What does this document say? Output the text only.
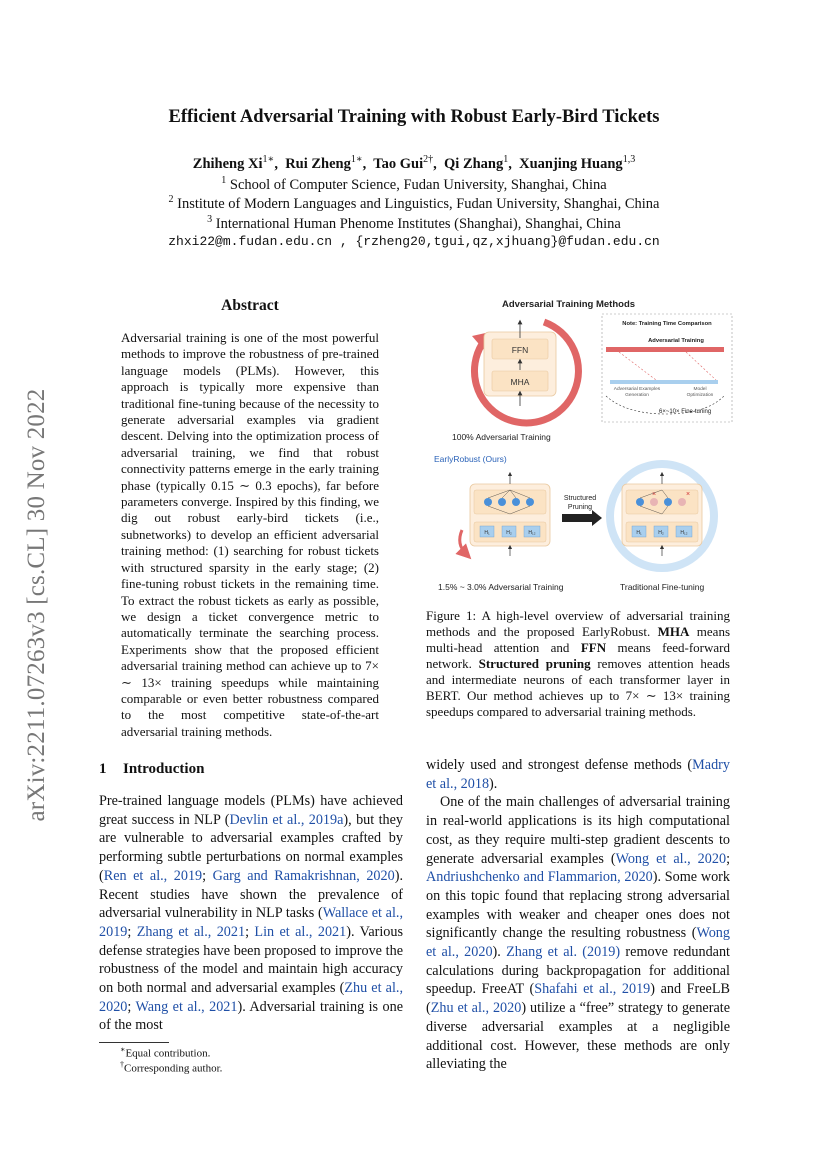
arXiv:2211.07263v3 [cs.CL] 30 Nov 2022
Efficient Adversarial Training with Robust Early-Bird Tickets
Zhiheng $Xi^{1∗}$,  Rui Zheng$^{1∗}$,  Tao Gui$^{2\dagger}$,  Qi Zhang$^1$,  Xuanjing Huang$^{1,3}$
$^1$ School of Computer Science, Fudan University, Shanghai, China
$^2$ Institute of Modern Languages and Linguistics, Fudan University, Shanghai, China
$^3$ International Human Phenome Institutes (Shanghai), Shanghai, China
zhxi22@m.fudan.edu.cn , {rzheng20,tgui,qz,xjhuang}@fudan.edu.cn
Abstract
Adversarial training is one of the most powerful methods to improve the robustness of pre-trained language models (PLMs). However, this approach is typically more expensive than traditional fine-tuning because of the necessity to generate adversarial examples via gradient descent. Delving into the optimization process of adversarial training, we find that robust connectivity patterns emerge in the early training phase (typically 0.15 ∼ 0.3 epochs), far before parameters converge. Inspired by this finding, we dig out robust early-bird tickets (i.e., subnetworks) to develop an efficient adversarial training method: (1) searching for robust tickets with structured sparsity in the early stage; (2) fine-tuning robust tickets in the remaining time. To extract the robust tickets as early as possible, we design a ticket convergence metric to automatically terminate the searching process. Experiments show that the proposed efficient adversarial training method can achieve up to 7× ∼ 13× training speedups while maintaining comparable or even better robustness compared to the most competitive state-of-the-art adversarial training methods.
1 Introduction

Pre-trained language models (PLMs) have achieved great success in NLP (Devlin et al., 2019a), but they are vulnerable to adversarial examples crafted by performing subtle perturbations on normal examples (Ren et al., 2019; Garg and Ramakrishnan, 2020). Recent studies have shown the prevalence of adversarial vulnerability in NLP tasks (Wallace et al., 2019; Zhang et al., 2021; Lin et al., 2021). Various defense strategies have been proposed to improve the robustness of the model and maintain high accuracy on both normal and adversarial examples (Zhu et al., 2020; Wang et al., 2021). Adversarial training is one of the most

widely used and strongest defense methods (Madry et al., 2018).

One of the main challenges of adversarial training in real-world applications is its high computational cost, as they require multi-step gradient descents to generate adversarial examples (Wong et al., 2020; Andriushchenko and Flammarion, 2020). Some work on this topic found that replacing strong adversarial examples with weaker and cheaper ones does not significantly change the resulting robustness (Wong et al., 2020). Zhang et al. (2019) remove redundant calculations during backpropagation for additional speedup. FreeAT (Shafahi et al., 2019) and FreeLB (Zhu et al., 2020) utilize a “free” strategy to generate diverse adversarial examples at a negligible additional cost. However, these methods are only alleviating the

∗Equal contribution.
†Corresponding author.
Adversarial Training Methods
FFN
MHA
100% Adversarial Training
Note: Training Time Comparison
Adversarial Training
Adversarial Examples
Generation
Model
Optimization
6×~10× Fine-tuning
EarlyRobust (Ours)
H₁	H₂	H₁₂
Structured
Pruning
×	×
H₁	H₂	H₁₂
1.5% ~ 3.0% Adversarial Training	Traditional Fine-tuning
Figure 1: A high-level overview of adversarial training methods and the proposed EarlyRobust. MHA means multi-head attention and FFN means feed-forward network. Structured pruning removes attention heads and intermediate neurons of each transformer layer in BERT. Our method achieves up to 7× ∼ 13× training speedups compared to adversarial training methods.
